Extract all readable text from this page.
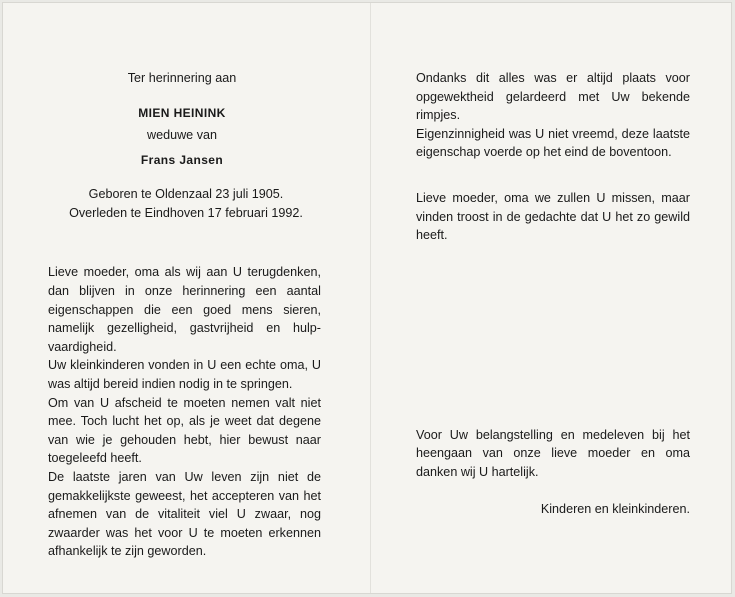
Ter herinnering aan

MIEN HEININK

weduwe van

Frans Jansen

Geboren te Oldenzaal 23 juli 1905.

Overleden te Eindhoven 17 februari 1992.

Lieve moeder, oma als wij aan U terugdenken, dan blijven in onze herinnering een aantal eigenschappen die een goed mens sieren, namelijk gezelligheid, gastvrijheid en hulpvaardigheid.

Uw kleinkinderen vonden in U een echte oma, U was altijd bereid indien nodig in te springen.

Om van U afscheid te moeten nemen valt niet mee. Toch lucht het op, als je weet dat degene van wie je gehouden hebt, hier bewust naar toegeleefd heeft.

De laatste jaren van Uw leven zijn niet de gemakkelijkste geweest, het accepteren van het afnemen van de vitaliteit viel U zwaar, nog zwaarder was het voor U te moeten erkennen afhankelijk te zijn geworden.

Ondanks dit alles was er altijd plaats voor opgewektheid gelardeerd met Uw bekende rimpjes.

Eigenzinnigheid was U niet vreemd, deze laatste eigenschap voerde op het eind de boventoon.

Lieve moeder, oma we zullen U missen, maar vinden troost in de gedachte dat U het zo gewild heeft.

Voor Uw belangstelling en medeleven bij het heengaan van onze lieve moeder en oma danken wij U hartelijk.

Kinderen en kleinkinderen.
